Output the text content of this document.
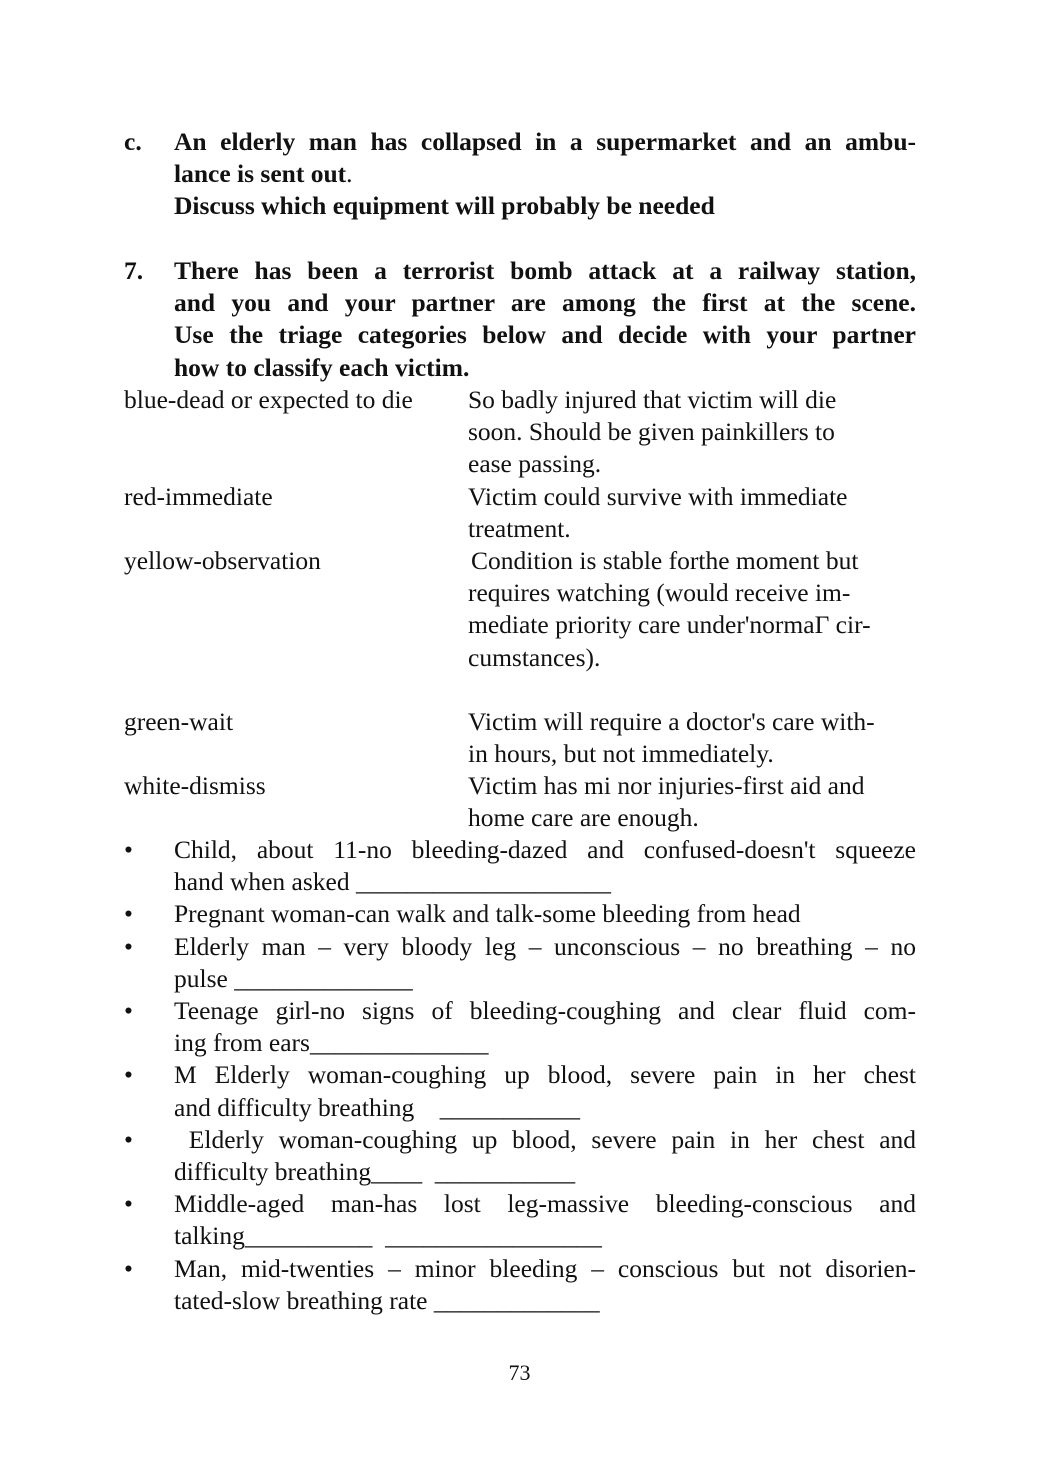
c. An elderly man has collapsed in a supermarket and an ambu-

lance is sent out.

Discuss which equipment will probably be needed

7. There has been a terrorist bomb attack at a railway station,

and you and your partner are among the first at the scene.

Use the triage categories below and decide with your partner

how to classify each victim.

blue-dead or expected to die	So badly injured that victim will die
soon. Should be given painkillers to
ease passing.
red-immediate	Victim could survive with immediate
treatment.
yellow-observation	Condition is stable forthe moment but
requires watching (would receive im-
mediate priority care under'normaГ cir-
cumstances).
green-wait	Victim will require a doctor's care with-
in hours, but not immediately.
white-dismiss	Victim has mi nor injuries-first aid and
home care are enough.
• Child, about 11-no bleeding-dazed and confused-doesn't squeeze
hand when asked ____________________
• Pregnant woman-can walk and talk-some bleeding from head
• Elderly man – very bloody leg – unconscious – no breathing – no
pulse ______________
• Teenage girl-no signs of bleeding-coughing and clear fluid com-
ing from ears______________
• M Elderly woman-coughing up blood, severe pain in her chest
and difficulty breathing    ___________
• Elderly woman-coughing up blood, severe pain in her chest and
difficulty breathing____  ___________
• Middle-aged man-has lost leg-massive bleeding-conscious and
talking__________  _________________
• Man, mid-twenties – minor bleeding – conscious but not disorien-
tated-slow breathing rate _____________
73
